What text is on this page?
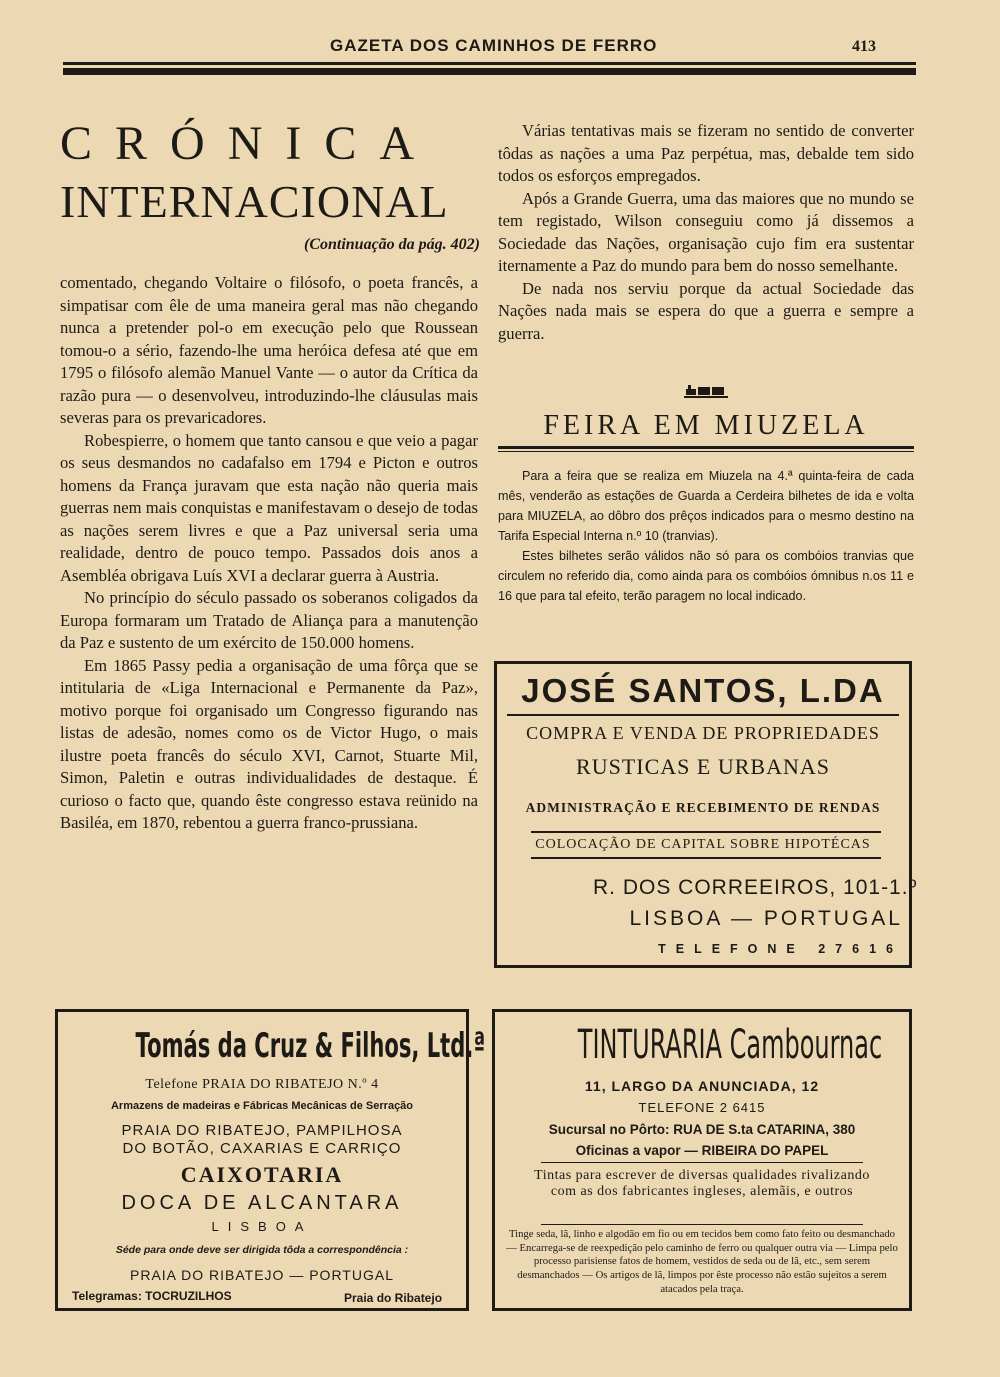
GAZETA DOS CAMINHOS DE FERRO	413
CRÓNICA
INTERNACIONAL
(Continuação da pág. 402)

comentado, chegando Voltaire o filósofo, o poeta francês, a simpatisar com êle de uma maneira geral mas não chegando nunca a pretender pol-o em execução pelo que Roussean tomou-o a sério, fazendo-lhe uma heróica defesa até que em 1795 o filósofo alemão Manuel Vante — o autor da Crítica da razão pura — o desenvolveu, introduzindo-lhe cláusulas mais severas para os prevaricadores.

Robespierre, o homem que tanto cansou e que veio a pagar os seus desmandos no cadafalso em 1794 e Picton e outros homens da França juravam que esta nação não queria mais guerras nem mais conquistas e manifestavam o desejo de todas as nações serem livres e que a Paz universal seria uma realidade, dentro de pouco tempo. Passados dois anos a Asembléa obrigava Luís XVI a declarar guerra à Austria.

No princípio do século passado os soberanos coligados da Europa formaram um Tratado de Aliança para a manutenção da Paz e sustento de um exército de 150.000 homens.

Em 1865 Passy pedia a organisação de uma fôrça que se intitularia de «Liga Internacional e Permanente da Paz», motivo porque foi organisado um Congresso figurando nas listas de adesão, nomes como os de Victor Hugo, o mais ilustre poeta francês do século XVI, Carnot, Stuarte Mil, Simon, Paletin e outras individualidades de destaque. É curioso o facto que, quando êste congresso estava reünido na Basiléa, em 1870, rebentou a guerra franco-prussiana.

Várias tentativas mais se fizeram no sentido de converter tôdas as nações a uma Paz perpétua, mas, debalde tem sido todos os esforços empregados.

Após a Grande Guerra, uma das maiores que no mundo se tem registado, Wilson conseguiu como já dissemos a Sociedade das Nações, organisação cujo fim era sustentar iternamente a Paz do mundo para bem do nosso semelhante.

De nada nos serviu porque da actual Sociedade das Nações nada mais se espera do que a guerra e sempre a guerra.

FEIRA EM MIUZELA

Para a feira que se realiza em Miuzela na 4.ª quinta-feira de cada mês, venderão as estações de Guarda a Cerdeira bilhetes de ida e volta para MIUZELA, ao dôbro dos prêços indicados para o mesmo destino na Tarifa Especial Interna n.º 10 (tranvias).

Estes bilhetes serão válidos não só para os combóios tranvias que circulem no referido dia, como ainda para os combóios ómnibus n.os 11 e 16 que para tal efeito, terão paragem no local indicado.

JOSÉ SANTOS, L.DA
COMPRA E VENDA DE PROPRIEDADES
RUSTICAS E URBANAS
ADMINISTRAÇÃO E RECEBIMENTO DE RENDAS
COLOCAÇÃO DE CAPITAL SOBRE HIPOTÉCAS
R. DOS CORREEIROS, 101-1.º
LISBOA — PORTUGAL
TELEFONE 27616
Tomás da Cruz & Filhos, Ltd.ª
Telefone PRAIA DO RIBATEJO N.º 4
Armazens de madeiras e Fábricas Mecânicas de Serração
PRAIA DO RIBATEJO, PAMPILHOSA
DO BOTÃO, CAXARIAS E CARRIÇO
CAIXOTARIA
DOCA DE ALCANTARA
LISBOA
Séde para onde deve ser dirigida tôda a correspondência :
PRAIA DO RIBATEJO — PORTUGAL
Telegramas: TOCRUZILHOS	Praia do Ribatejo
TINTURARIA Cambournac
11, LARGO DA ANUNCIADA, 12
TELEFONE 2 6415
Sucursal no Pôrto: RUA DE S.ta CATARINA, 380
Oficinas a vapor — RIBEIRA DO PAPEL
Tintas para escrever de diversas qualidades rivalizando com as dos fabricantes ingleses, alemãis, e outros
Tinge seda, lã, linho e algodão em fio ou em tecidos bem como fato feito ou desmanchado — Encarrega-se de reexpedição pelo caminho de ferro ou qualquer outra via — Limpa pelo processo parisiense fatos de homem, vestidos de seda ou de lã, etc., sem serem desmanchados — Os artigos de lã, limpos por êste processo não estão sujeitos a serem atacados pela traça.
